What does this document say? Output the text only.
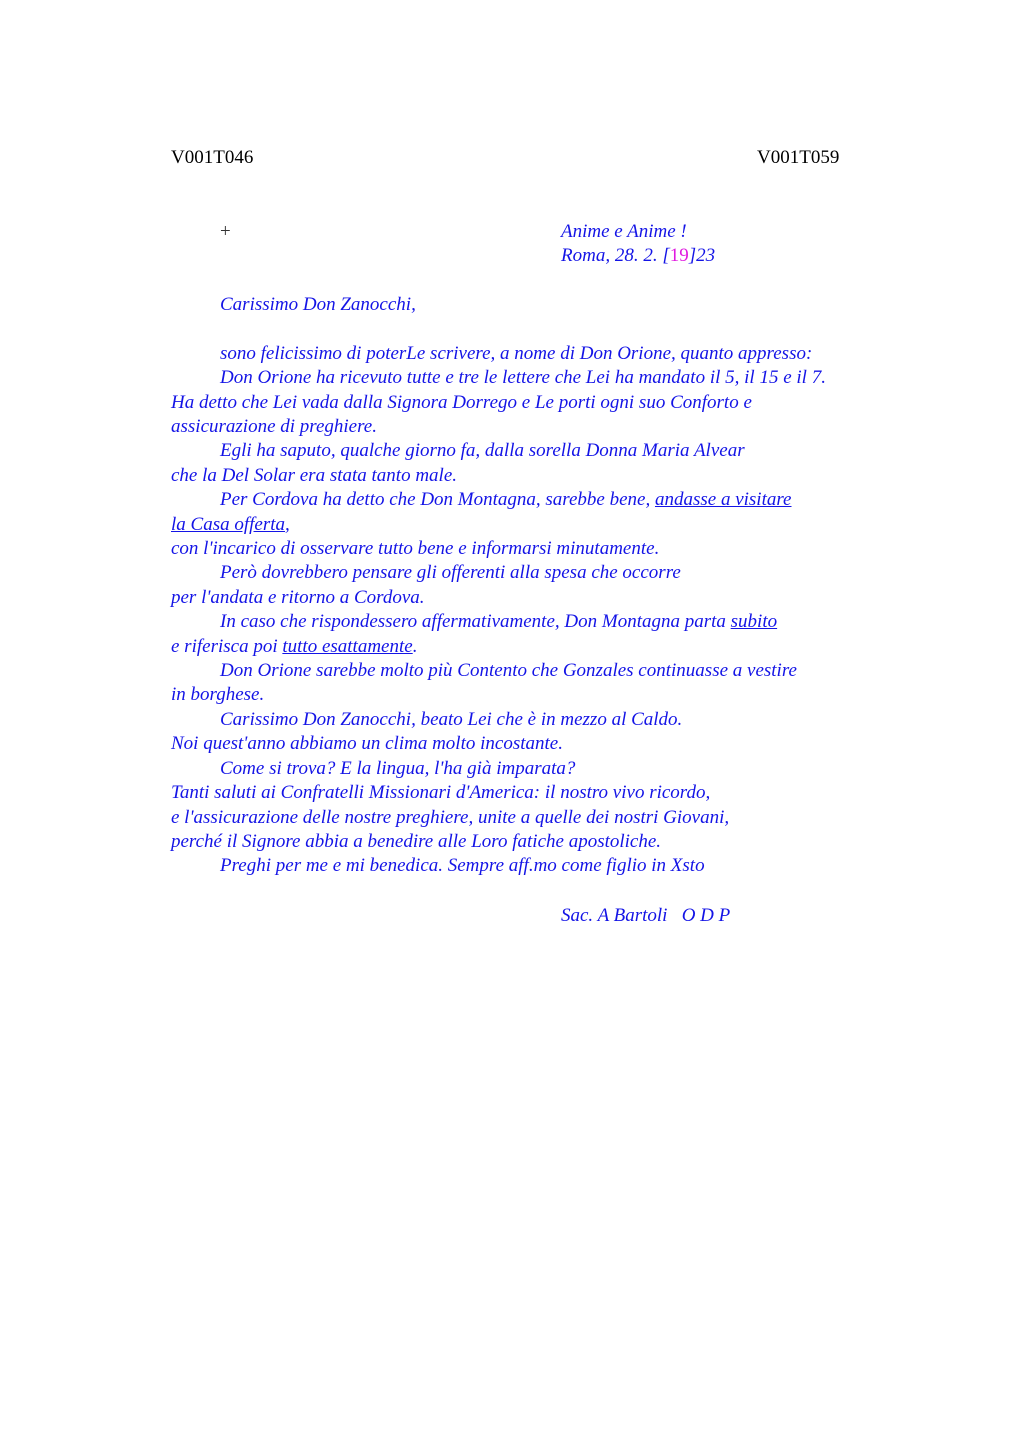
V001T046	V001T059
+	Anime e Anime !
Roma, 28. 2. [19]23
Carissimo Don Zanocchi,
sono felicissimo di poterLe scrivere, a nome di Don Orione, quanto appresso:
Don Orione ha ricevuto tutte e tre le lettere che Lei ha mandato il 5, il 15 e il 7.
Ha detto che Lei vada dalla Signora Dorrego e Le porti ogni suo Conforto e
assicurazione di preghiere.
Egli ha saputo, qualche giorno fa, dalla sorella Donna Maria Alvear
che la Del Solar era stata tanto male.
Per Cordova ha detto che Don Montagna, sarebbe bene, andasse a visitare
la Casa offerta,
con l'incarico di osservare tutto bene e informarsi minutamente.
Però dovrebbero pensare gli offerenti alla spesa che occorre
per l'andata e ritorno a Cordova.
In caso che rispondessero affermativamente, Don Montagna parta subito
e riferisca poi tutto esattamente.
Don Orione sarebbe molto più Contento che Gonzales continuasse a vestire
in borghese.
Carissimo Don Zanocchi, beato Lei che è in mezzo al Caldo.
Noi quest'anno abbiamo un clima molto incostante.
Come si trova? E la lingua, l'ha già imparata?
Tanti saluti ai Confratelli Missionari d'America: il nostro vivo ricordo,
e l'assicurazione delle nostre preghiere, unite a quelle dei nostri Giovani,
perché il Signore abbia a benedire alle Loro fatiche apostoliche.
Preghi per me e mi benedica. Sempre aff.mo come figlio in Xsto
Sac. A Bartoli   O D P
